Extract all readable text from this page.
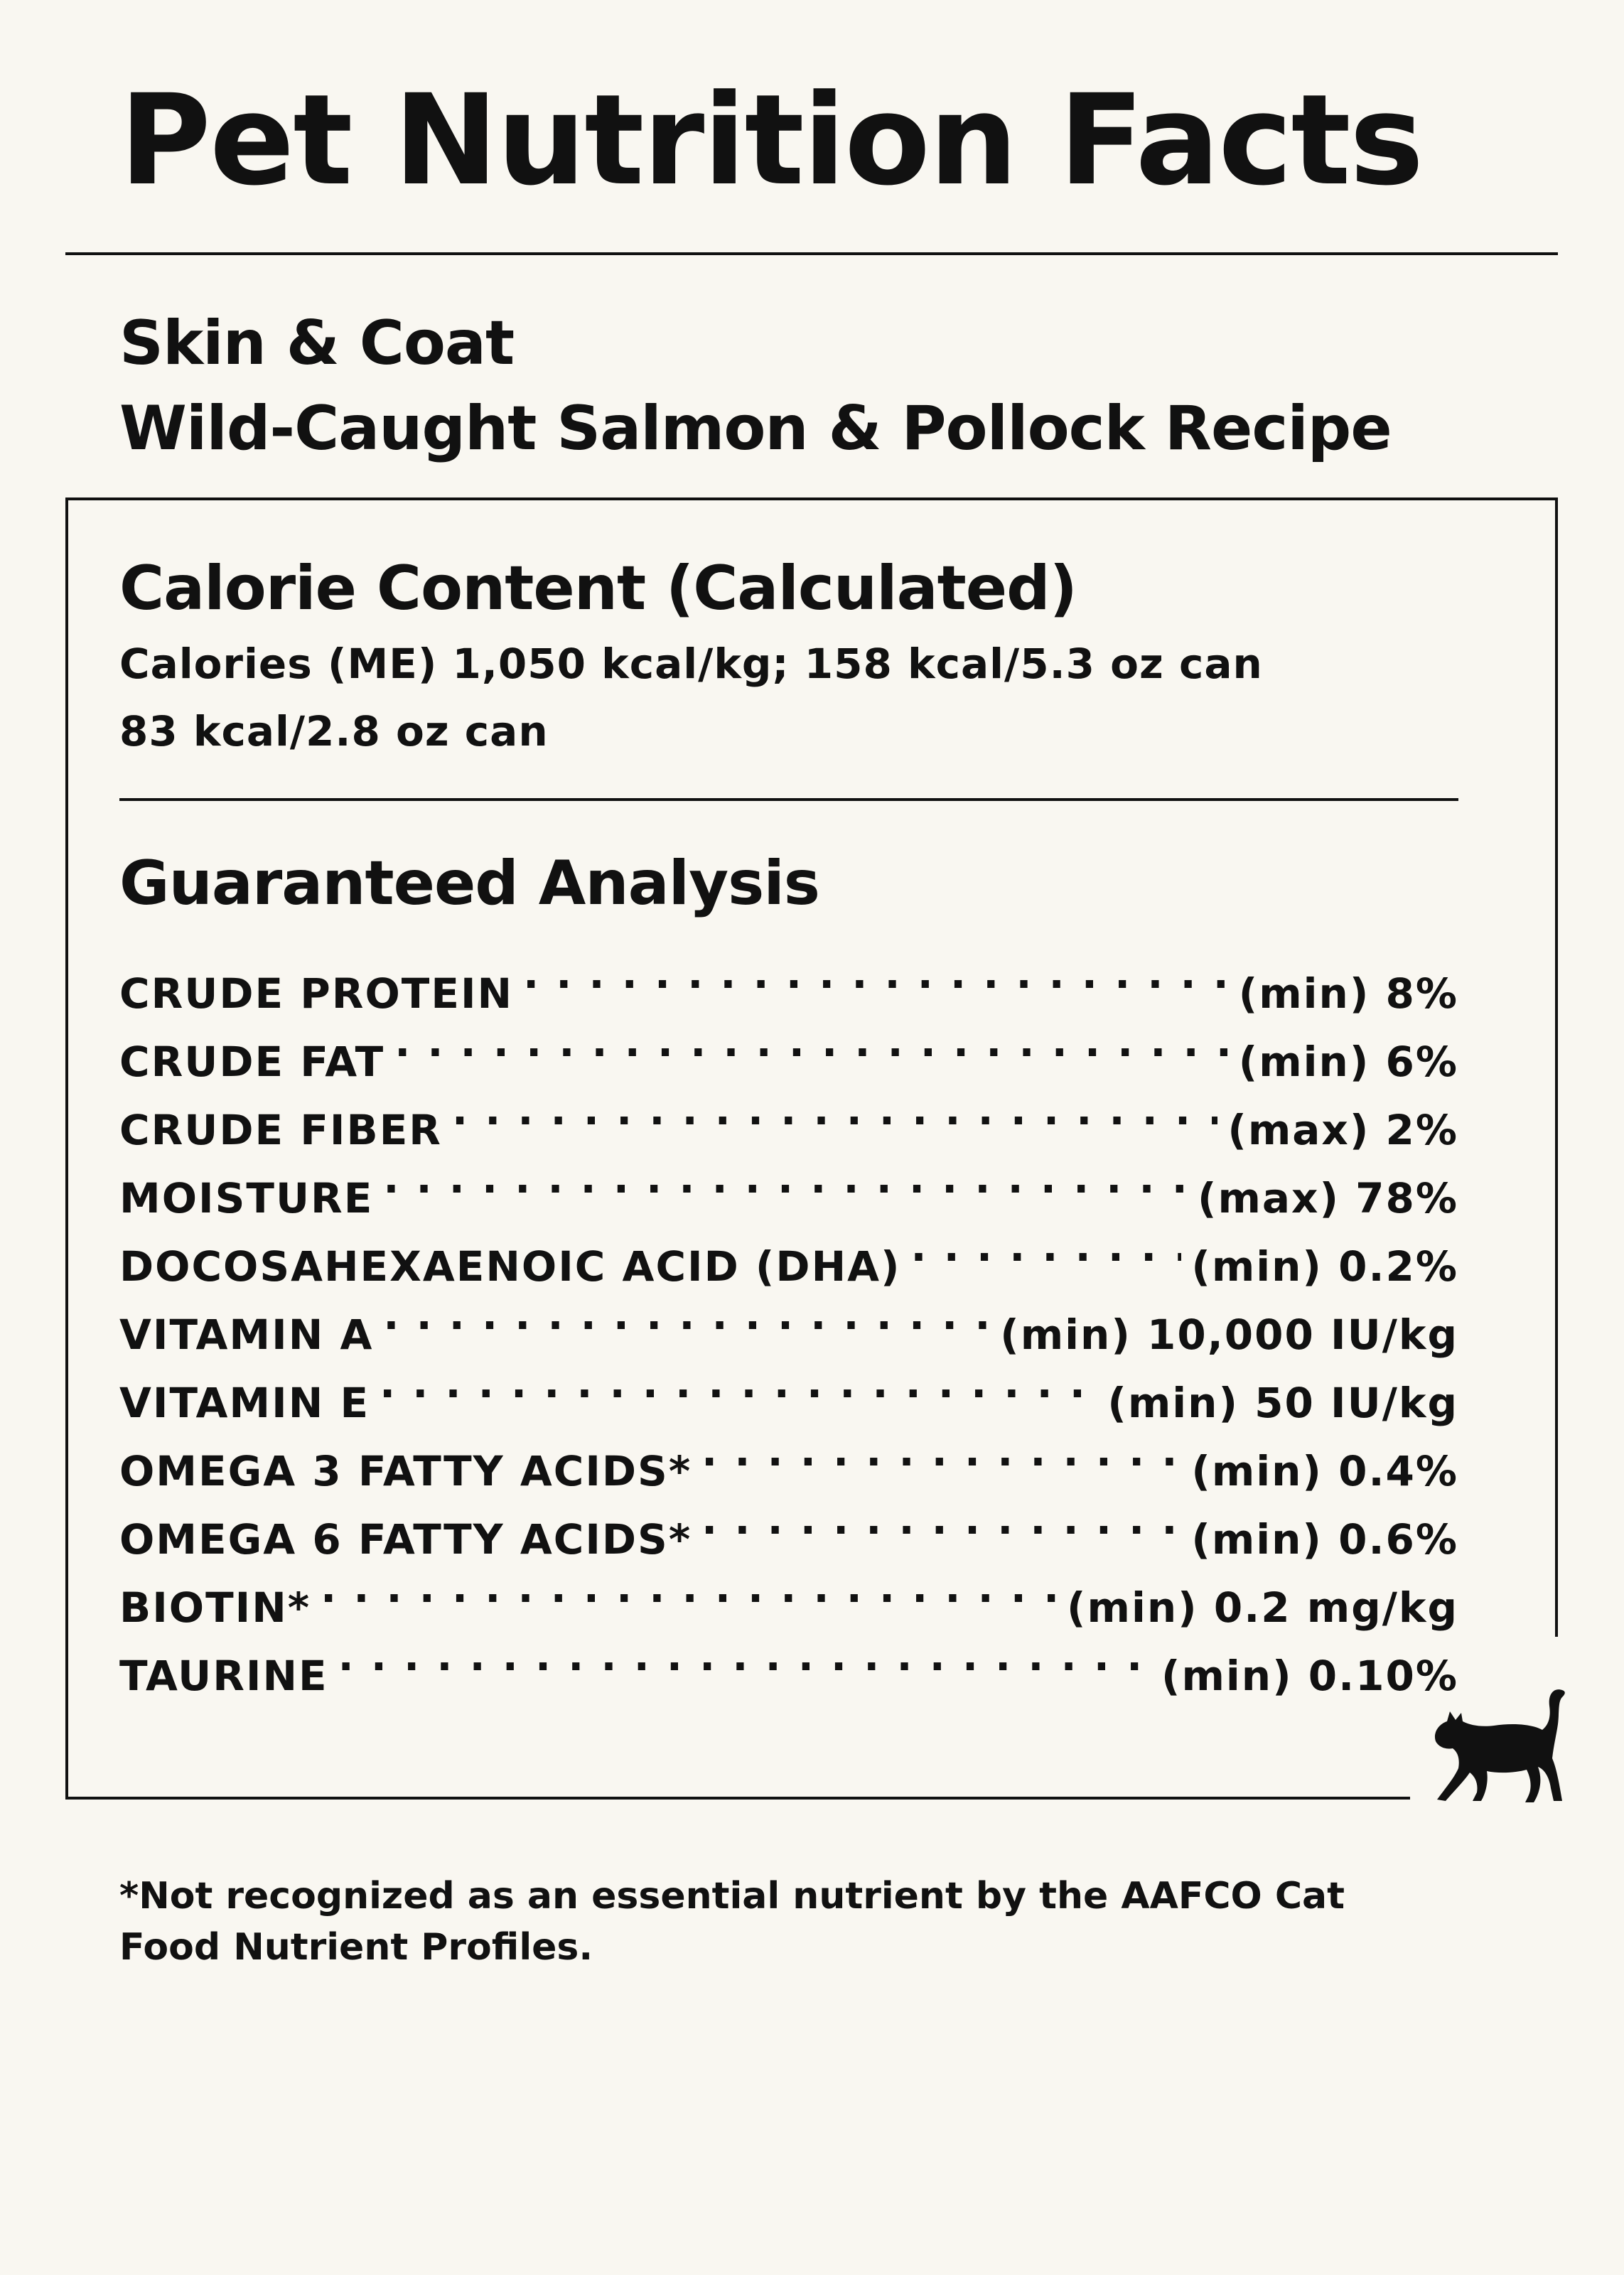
Pet Nutrition Facts
Skin & Coat
Wild-Caught Salmon & Pollock Recipe
Calorie Content (Calculated)
Calories (ME) 1,050 kcal/kg; 158 kcal/5.3 oz can
83 kcal/2.8 oz can
Guaranteed Analysis
CRUDE PROTEIN . . .	(min) 8%
CRUDE FAT . . .	(min) 6%
CRUDE FIBER . . .	(max) 2%
MOISTURE . . .	(max) 78%
DOCOSAHEXAENOIC ACID (DHA) . . .	(min) 0.2%
VITAMIN A . . .	(min) 10,000 IU/kg
VITAMIN E . . .	(min) 50 IU/kg
OMEGA 3 FATTY ACIDS* . . .	(min) 0.4%
OMEGA 6 FATTY ACIDS* . . .	(min) 0.6%
BIOTIN* . . .	(min) 0.2 mg/kg
TAURINE . . .	(min) 0.10%
*Not recognized as an essential nutrient by the AAFCO Cat Food Nutrient Profiles.
